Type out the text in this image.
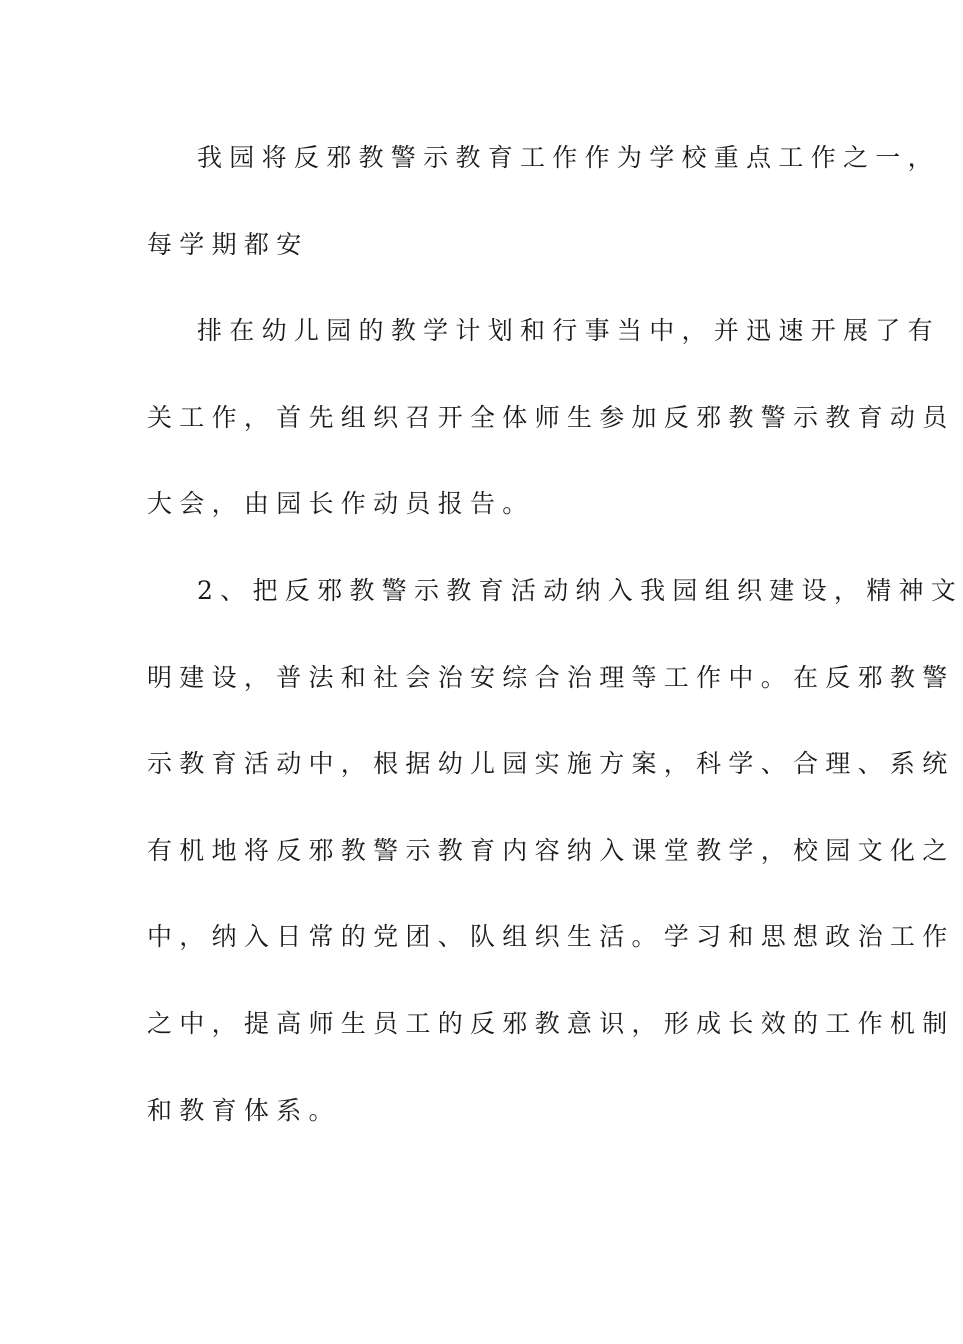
我园将反邪教警示教育工作作为学校重点工作之一，
每学期都安
排在幼儿园的教学计划和行事当中，并迅速开展了有
关工作，首先组织召开全体师生参加反邪教警示教育动员
大会，由园长作动员报告。
2、把反邪教警示教育活动纳入我园组织建设，精神文
明建设，普法和社会治安综合治理等工作中。在反邪教警
示教育活动中，根据幼儿园实施方案，科学、合理、系统
有机地将反邪教警示教育内容纳入课堂教学，校园文化之
中，纳入日常的党团、队组织生活。学习和思想政治工作
之中，提高师生员工的反邪教意识，形成长效的工作机制
和教育体系。
